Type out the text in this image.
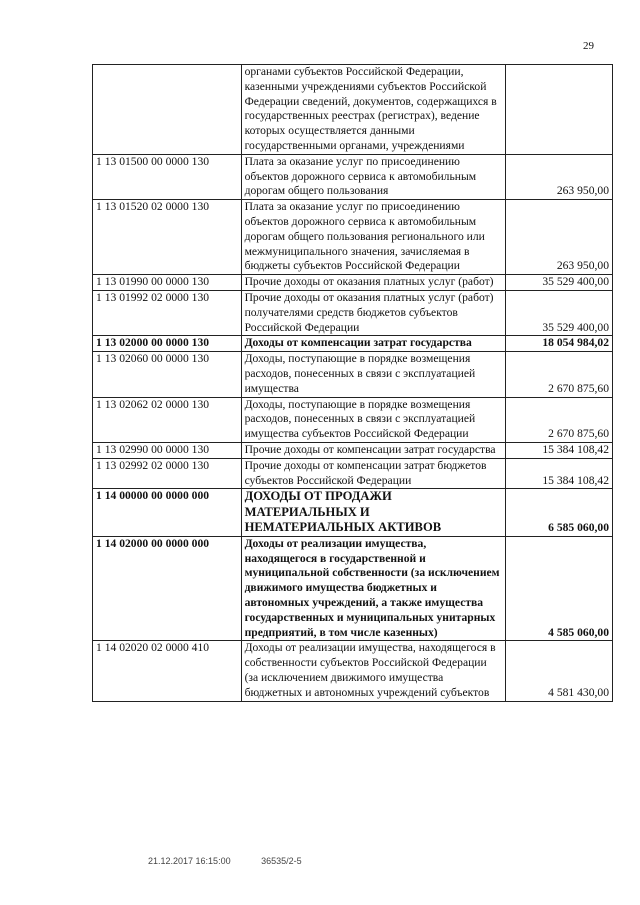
29
	органами субъектов Российской Федерации, казенными учреждениями субъектов Российской Федерации сведений, документов, содержащихся в государственных реестрах (регистрах), ведение которых осуществляется данными государственными органами, учреждениями	
1 13 01500 00 0000 130	Плата за оказание услуг по присоединению объектов дорожного сервиса к автомобильным дорогам общего пользования	263 950,00
1 13 01520 02 0000 130	Плата за оказание услуг по присоединению объектов дорожного сервиса к автомобильным дорогам общего пользования регионального или межмуниципального значения, зачисляемая в бюджеты субъектов Российской Федерации	263 950,00
1 13 01990 00 0000 130	Прочие доходы от оказания платных услуг (работ)	35 529 400,00
1 13 01992 02 0000 130	Прочие доходы от оказания платных услуг (работ) получателями средств бюджетов субъектов Российской Федерации	35 529 400,00
1 13 02000 00 0000 130	Доходы от компенсации затрат государства	18 054 984,02
1 13 02060 00 0000 130	Доходы, поступающие в порядке возмещения расходов, понесенных в связи с эксплуатацией имущества	2 670 875,60
1 13 02062 02 0000 130	Доходы, поступающие в порядке возмещения расходов, понесенных в связи с эксплуатацией имущества субъектов Российской Федерации	2 670 875,60
1 13 02990 00 0000 130	Прочие доходы от компенсации затрат государства	15 384 108,42
1 13 02992 02 0000 130	Прочие доходы от компенсации затрат бюджетов субъектов Российской Федерации	15 384 108,42
1 14 00000 00 0000 000	ДОХОДЫ ОТ ПРОДАЖИ МАТЕРИАЛЬНЫХ И НЕМАТЕРИАЛЬНЫХ АКТИВОВ	6 585 060,00
1 14 02000 00 0000 000	Доходы от реализации имущества, находящегося в государственной и муниципальной собственности (за исключением движимого имущества бюджетных и автономных учреждений, а также имущества государственных и муниципальных унитарных предприятий, в том числе казенных)	4 585 060,00
1 14 02020 02 0000 410	Доходы от реализации имущества, находящегося в собственности субъектов Российской Федерации (за исключением движимого имущества бюджетных и автономных учреждений субъектов	4 581 430,00
21.12.2017 16:15:00	36535/2-5
